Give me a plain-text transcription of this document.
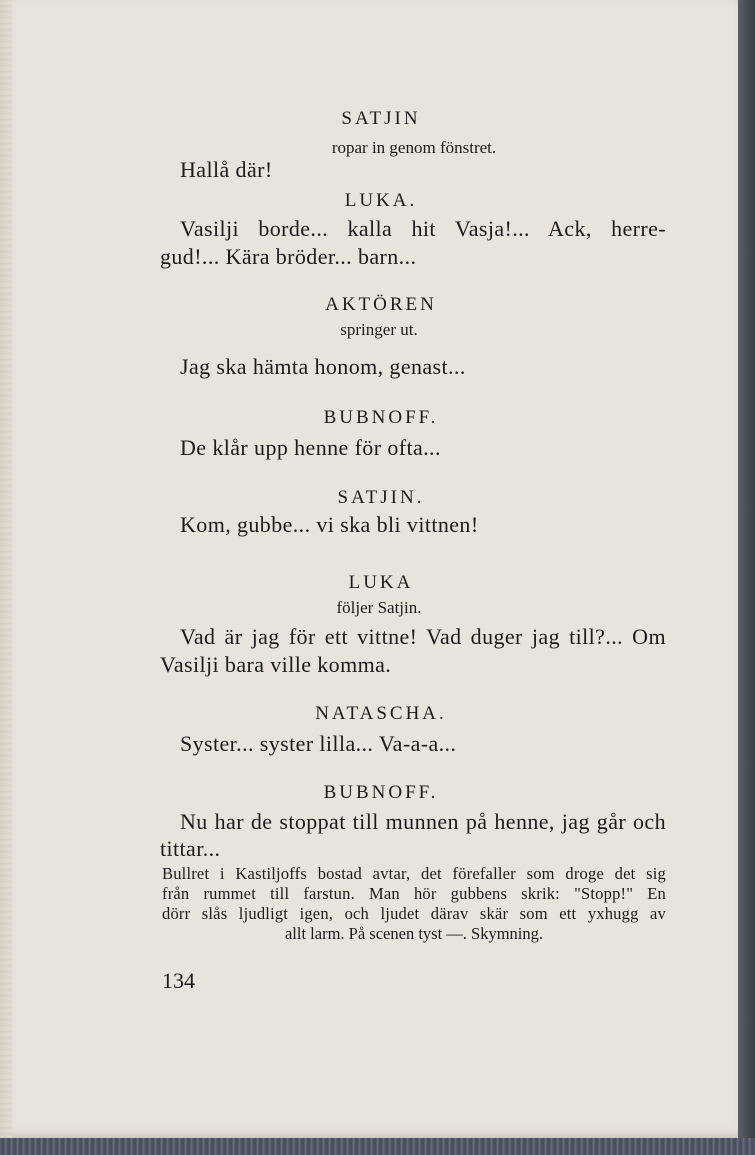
SATJIN

ropar in genom fönstret.

Hallå där!

LUKA.

Vasilji borde... kalla hit Vasja!... Ack, herre-

gud!... Kära bröder... barn...

AKTÖREN

springer ut.

Jag ska hämta honom, genast...

BUBNOFF.

De klår upp henne för ofta...

SATJIN.

Kom, gubbe... vi ska bli vittnen!

LUKA

följer Satjin.

Vad är jag för ett vittne! Vad duger jag till?... Om

Vasilji bara ville komma.

NATASCHA.

Syster... syster lilla... Va-a-a...

BUBNOFF.

Nu har de stoppat till munnen på henne, jag går och

tittar...

Bullret i Kastiljoffs bostad avtar, det förefaller som droge det sig

från rummet till farstun. Man hör gubbens skrik: "Stopp!" En

dörr slås ljudligt igen, och ljudet därav skär som ett yxhugg av

allt larm. På scenen tyst —. Skymning.

134
